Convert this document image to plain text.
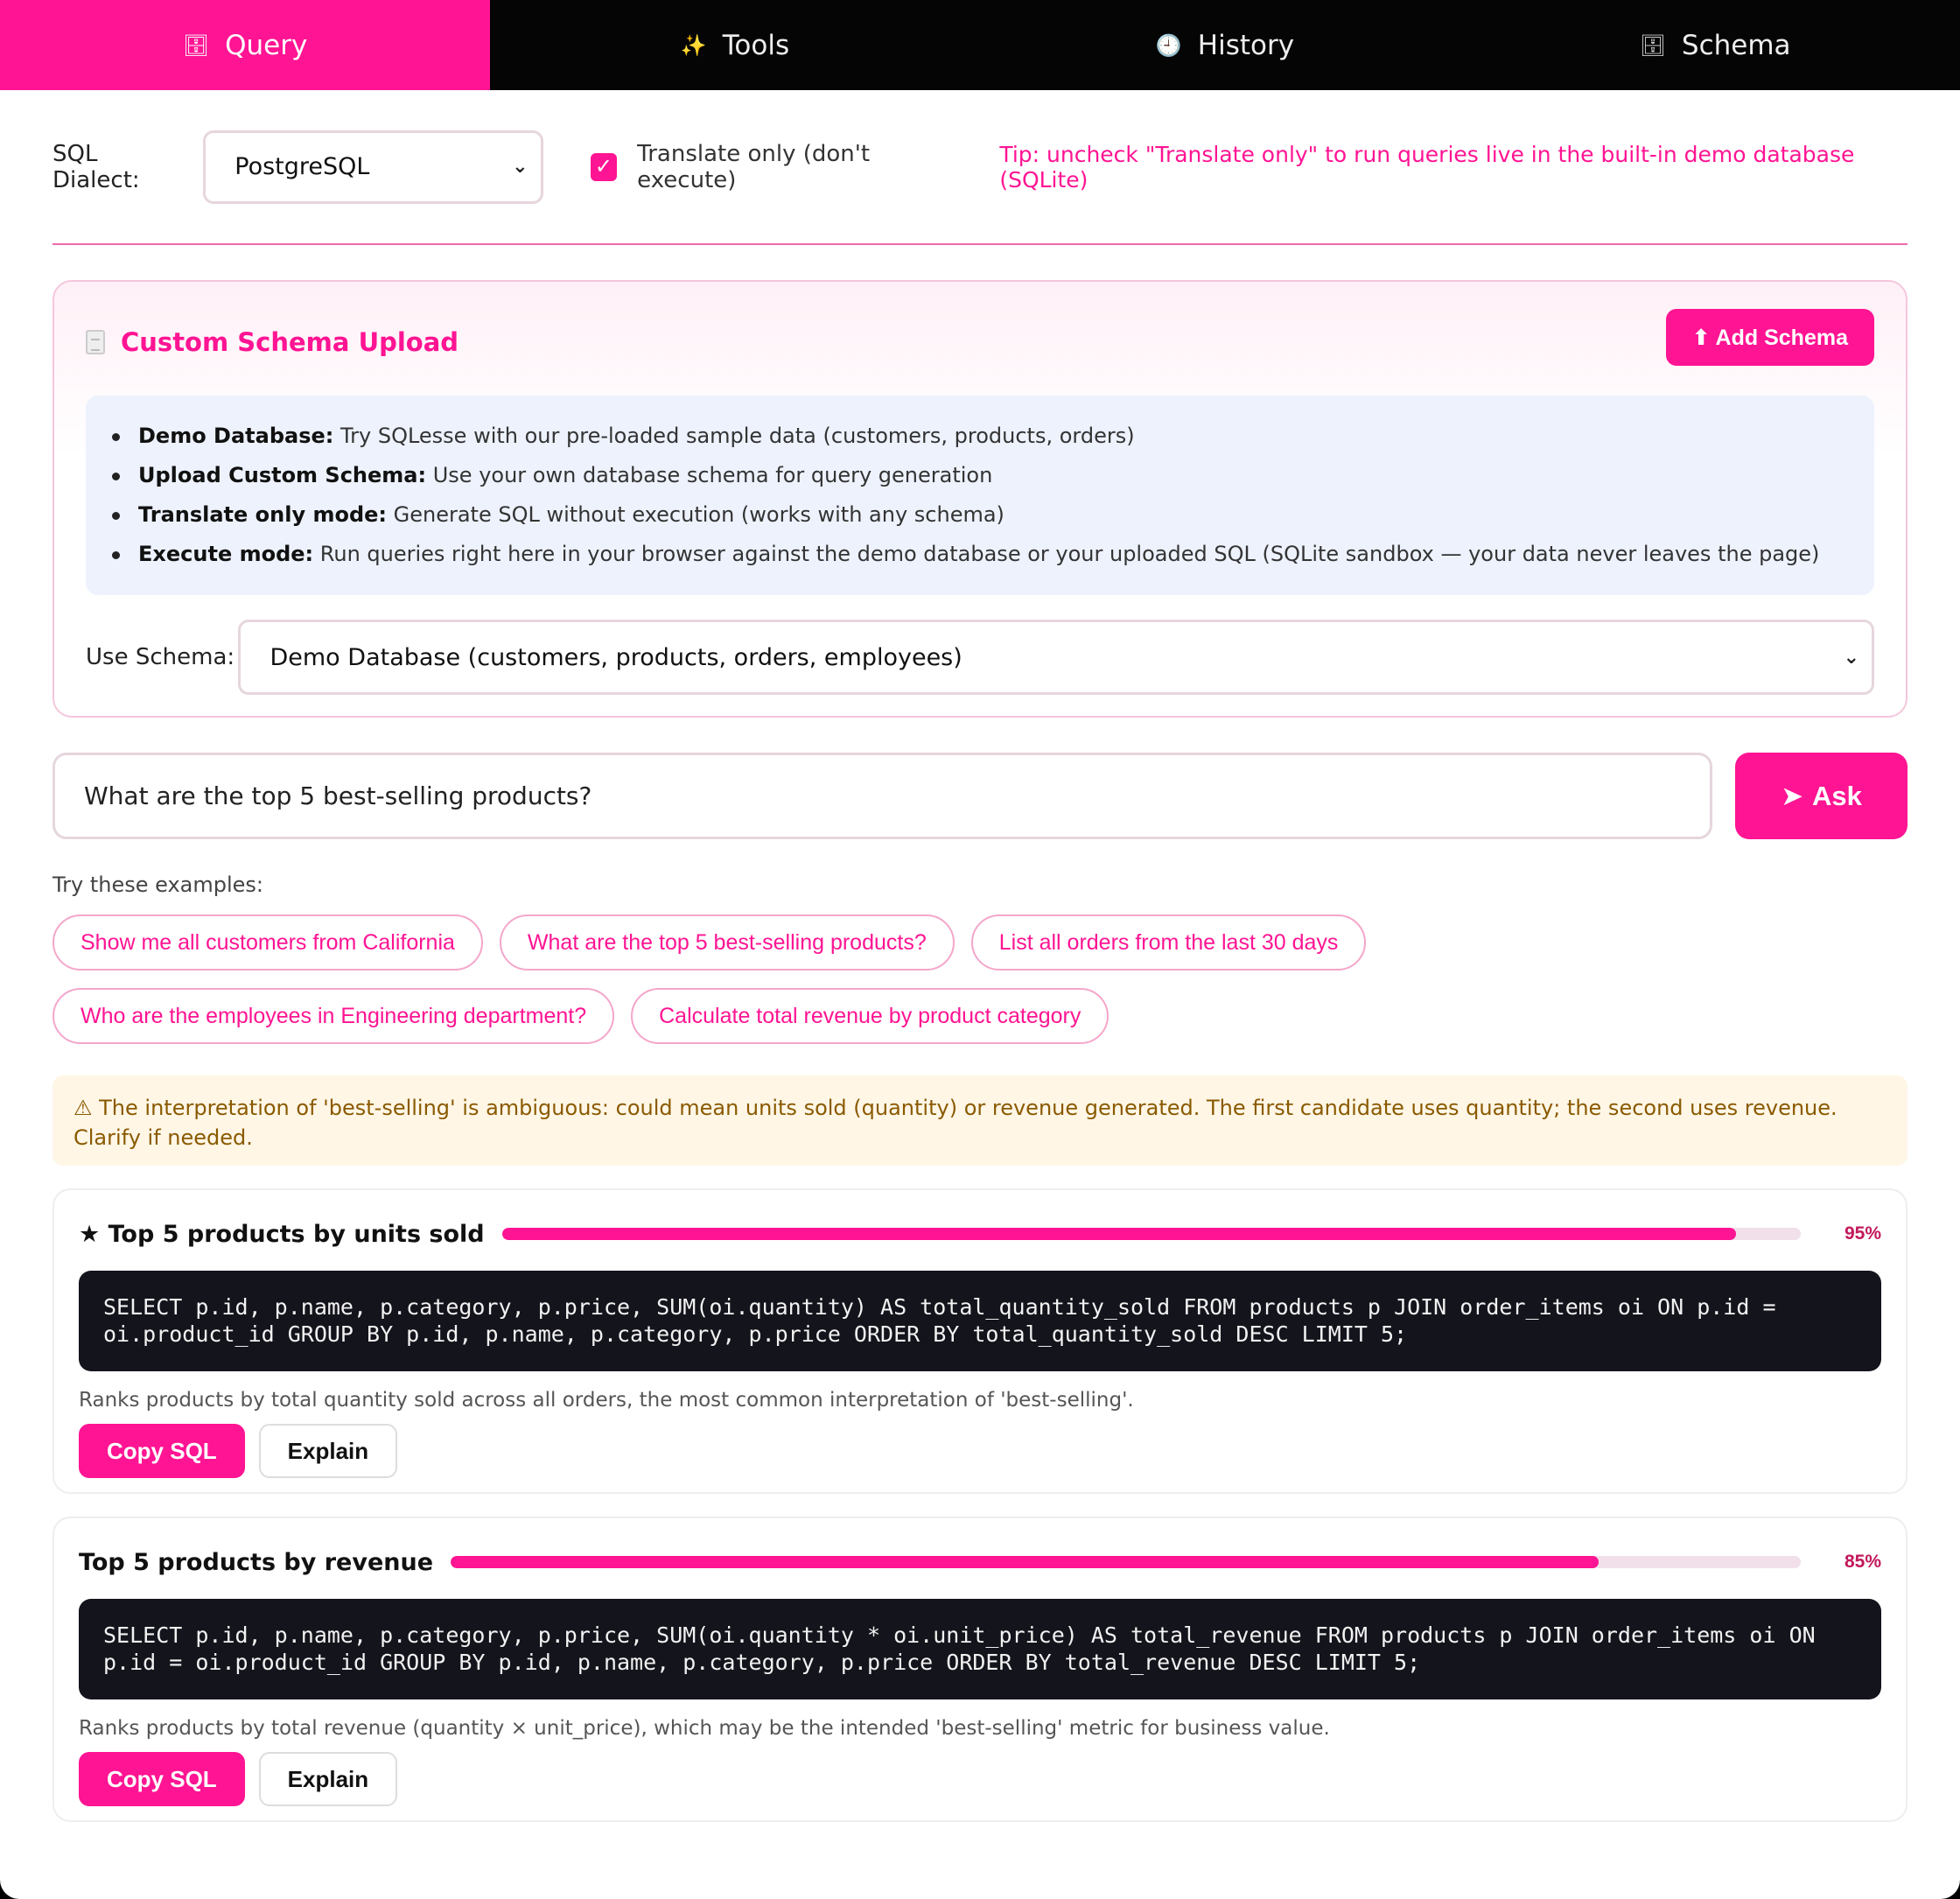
🗄 Query	✨ Tools	🕘 History	🗄 Schema
SQL Dialect:	PostgreSQL	⌄	✓ Translate only (don't execute)
Tip: uncheck "Translate only" to run queries live in the built-in demo database (SQLite)
Custom Schema Upload	⬆ Add Schema
Demo Database: Try SQLesse with our pre-loaded sample data (customers, products, orders)
Upload Custom Schema: Use your own database schema for query generation
Translate only mode: Generate SQL without execution (works with any schema)
Execute mode: Run queries right here in your browser against the demo database or your uploaded SQL (SQLite sandbox — your data never leaves the page)
Use Schema: Demo Database (customers, products, orders, employees)	⌄
What are the top 5 best-selling products?	➤ Ask
Try these examples:
Show me all customers from California	What are the top 5 best-selling products?	List all orders from the last 30 days
Who are the employees in Engineering department?	Calculate total revenue by product category
⚠ The interpretation of 'best-selling' is ambiguous: could mean units sold (quantity) or revenue generated. The first candidate uses quantity; the second uses revenue. Clarify if needed.
★ Top 5 products by units sold	95%
SELECT p.id, p.name, p.category, p.price, SUM(oi.quantity) AS total_quantity_sold FROM products p JOIN order_items oi ON p.id = oi.product_id GROUP BY p.id, p.name, p.category, p.price ORDER BY total_quantity_sold DESC LIMIT 5;
Ranks products by total quantity sold across all orders, the most common interpretation of 'best-selling'.
Copy SQL	Explain
Top 5 products by revenue	85%
SELECT p.id, p.name, p.category, p.price, SUM(oi.quantity * oi.unit_price) AS total_revenue FROM products p JOIN order_items oi ON p.id = oi.product_id GROUP BY p.id, p.name, p.category, p.price ORDER BY total_revenue DESC LIMIT 5;
Ranks products by total revenue (quantity × unit_price), which may be the intended 'best-selling' metric for business value.
Copy SQL	Explain
